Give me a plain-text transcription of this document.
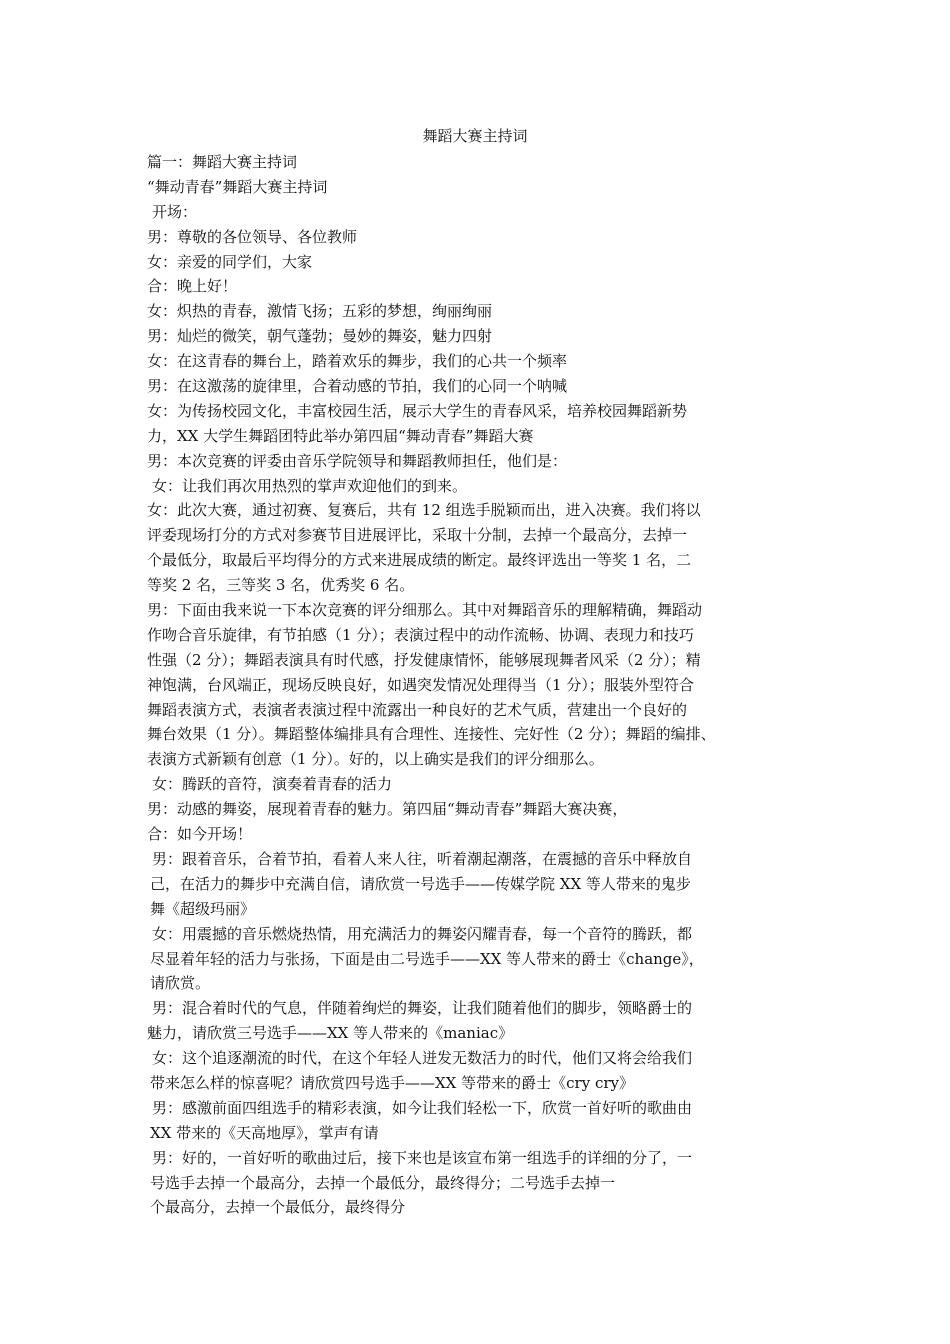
舞蹈大赛主持词
篇一：舞蹈大赛主持词
“舞动青春”舞蹈大赛主持词
开场：
男：尊敬的各位领导、各位教师
女：亲爱的同学们，大家
合：晚上好！
女：炽热的青春，激情飞扬；五彩的梦想，绚丽绚丽
男：灿烂的微笑，朝气蓬勃；曼妙的舞姿，魅力四射
女：在这青春的舞台上，踏着欢乐的舞步，我们的心共一个频率
男：在这激荡的旋律里，合着动感的节拍，我们的心同一个呐喊
女：为传扬校园文化，丰富校园生活，展示大学生的青春风采，培养校园舞蹈新势
力，XX 大学生舞蹈团特此举办第四届“舞动青春”舞蹈大赛
男：本次竞赛的评委由音乐学院领导和舞蹈教师担任，他们是：
女：让我们再次用热烈的掌声欢迎他们的到来。
女：此次大赛，通过初赛、复赛后，共有 12 组选手脱颖而出，进入决赛。我们将以
评委现场打分的方式对参赛节目进展评比，采取十分制，去掉一个最高分，去掉一
个最低分，取最后平均得分的方式来进展成绩的断定。最终评选出一等奖 1 名，二
等奖 2 名，三等奖 3 名，优秀奖 6 名。
男：下面由我来说一下本次竞赛的评分细那么。其中对舞蹈音乐的理解精确，舞蹈动
作吻合音乐旋律，有节拍感（1 分）；表演过程中的动作流畅、协调、表现力和技巧
性强（2 分）；舞蹈表演具有时代感，抒发健康情怀，能够展现舞者风采（2 分）；精
神饱满，台风端正，现场反映良好，如遇突发情况处理得当（1 分）；服装外型符合
舞蹈表演方式，表演者表演过程中流露出一种良好的艺术气质，营建出一个良好的
舞台效果（1 分）。舞蹈整体编排具有合理性、连接性、完好性（2 分）；舞蹈的编排、
表演方式新颖有创意（1 分）。好的，以上确实是我们的评分细那么。
女：腾跃的音符，演奏着青春的活力
男：动感的舞姿，展现着青春的魅力。第四届“舞动青春”舞蹈大赛决赛，
合：如今开场！
男：跟着音乐，合着节拍，看着人来人往，听着潮起潮落，在震撼的音乐中释放自
己，在活力的舞步中充满自信，请欣赏一号选手——传媒学院 XX 等人带来的鬼步
舞《超级玛丽》
女：用震撼的音乐燃烧热情，用充满活力的舞姿闪耀青春，每一个音符的腾跃，都
尽显着年轻的活力与张扬，下面是由二号选手——XX 等人带来的爵士《change》，
请欣赏。
男：混合着时代的气息，伴随着绚烂的舞姿，让我们随着他们的脚步，领略爵士的
魅力，请欣赏三号选手——XX 等人带来的《maniac》
女：这个追逐潮流的时代，在这个年轻人迸发无数活力的时代，他们又将会给我们
带来怎么样的惊喜呢？请欣赏四号选手——XX 等带来的爵士《cry cry》
男：感激前面四组选手的精彩表演，如今让我们轻松一下，欣赏一首好听的歌曲由
XX 带来的《天高地厚》，掌声有请
男：好的，一首好听的歌曲过后，接下来也是该宣布第一组选手的详细的分了，一
号选手去掉一个最高分，去掉一个最低分，最终得分；二号选手去掉一
个最高分，去掉一个最低分，最终得分
